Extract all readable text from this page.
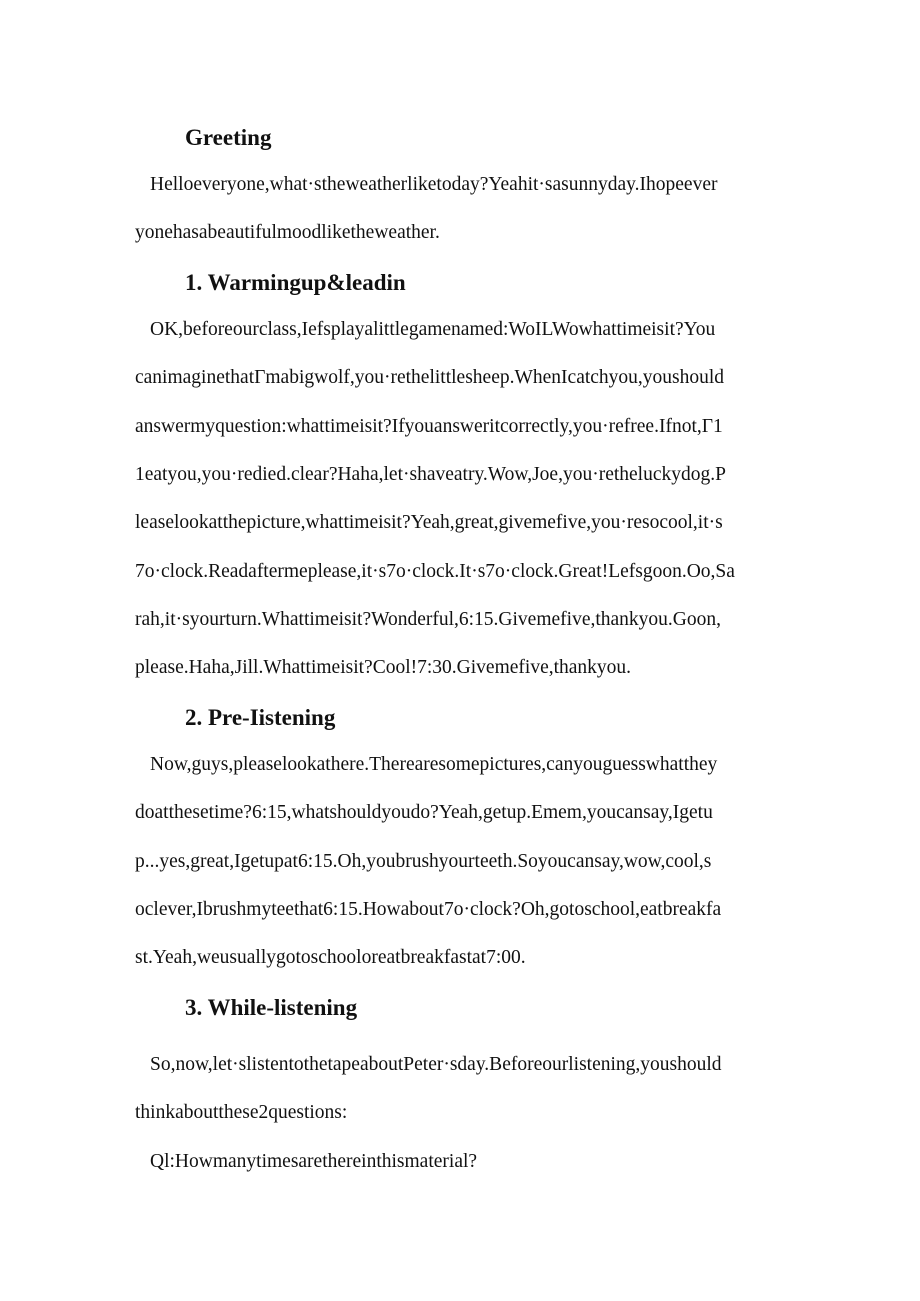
Greeting
Helloeveryone,what·stheweatherliketoday?Yeahit·sasunnyday.Ihopeever
yonehasabeautifulmoodliketheweather.
1. Warmingup&leadin
OK,beforeourclass,Iefsplayalittlegamenamed:WoILWowhattimeisit?You
canimaginethatΓmabigwolf,you·rethelittlesheep.WhenIcatchyou,youshould
answermyquestion:whattimeisit?Ifyouansweritcorrectly,you·refree.Ifnot,Γ1
1eatyou,you·redied.clear?Haha,let·shaveatry.Wow,Joe,you·retheluckydog.P
leaselookatthepicture,whattimeisit?Yeah,great,givemefive,you·resocool,it·s
7o·clock.Readaftermeplease,it·s7o·clock.It·s7o·clock.Great!Lefsgoon.Oo,Sa
rah,it·syourturn.Whattimeisit?Wonderful,6:15.Givemefive,thankyou.Goon,
please.Haha,Jill.Whattimeisit?Cool!7:30.Givemefive,thankyou.
2. Pre-Iistening
Now,guys,pleaselookathere.Therearesomepictures,canyouguesswhatthey
doatthesetime?6:15,whatshouldyoudo?Yeah,getup.Emem,youcansay,Igetu
p...yes,great,Igetupat6:15.Oh,youbrushyourteeth.Soyoucansay,wow,cool,s
oclever,Ibrushmyteethat6:15.Howabout7o·clock?Oh,gotoschool,eatbreakfa
st.Yeah,weusuallygotoschooloreatbreakfastat7:00.
3. While-listening
So,now,let·slistentothetapeaboutPeter·sday.Beforeourlistening,youshould
thinkaboutthese2questions:
Ql:Howmanytimesarethereinthismaterial?
